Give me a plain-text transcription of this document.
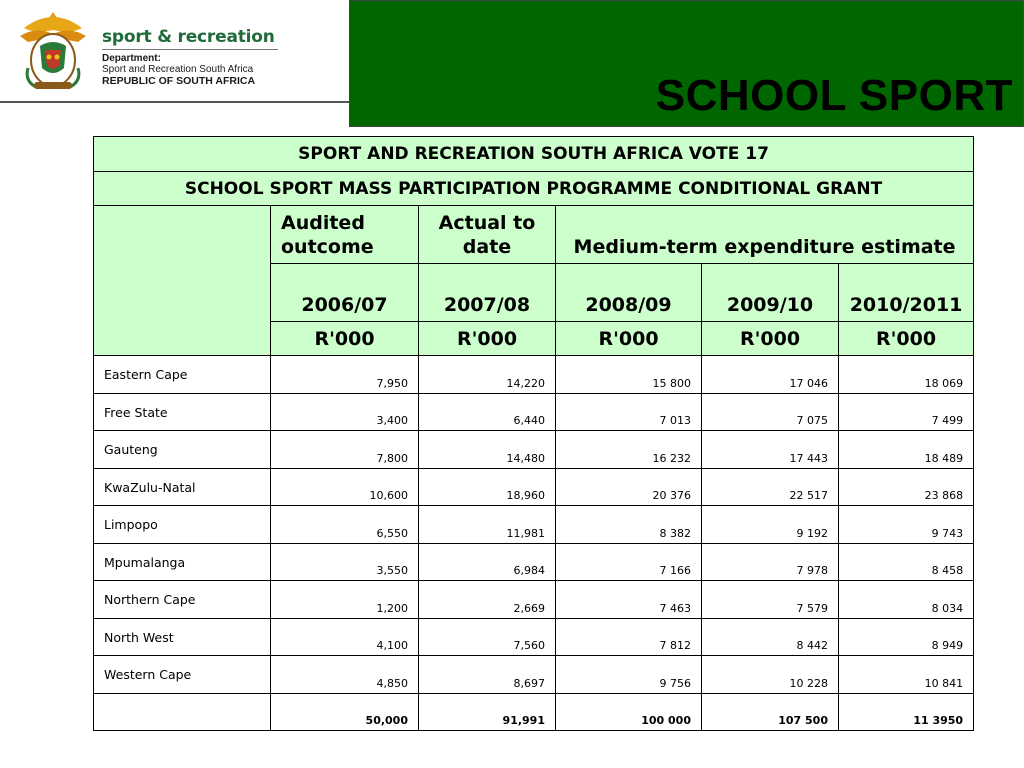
sport & recreation
Department:
Sport and Recreation South Africa
REPUBLIC OF SOUTH AFRICA	SCHOOL SPORT
SPORT AND RECREATION SOUTH AFRICA VOTE 17					
SCHOOL SPORT MASS PARTICIPATION PROGRAMME CONDITIONAL GRANT					
	Audited outcome	Actual to date	Medium-term expenditure estimate		
	2006/07	2007/08	2008/09	2009/10	2010/2011
	R'000	R'000	R'000	R'000	R'000
Eastern Cape	7,950	14,220	15 800	17 046	18 069
Free State	3,400	6,440	7 013	7 075	7 499
Gauteng	7,800	14,480	16 232	17 443	18 489
KwaZulu-Natal	10,600	18,960	20 376	22 517	23 868
Limpopo	6,550	11,981	8 382	9 192	9 743
Mpumalanga	3,550	6,984	7 166	7 978	8 458
Northern Cape	1,200	2,669	7 463	7 579	8 034
North West	4,100	7,560	7 812	8 442	8 949
Western Cape	4,850	8,697	9 756	10 228	10 841
	50,000	91,991	100 000	107 500	11 3950
